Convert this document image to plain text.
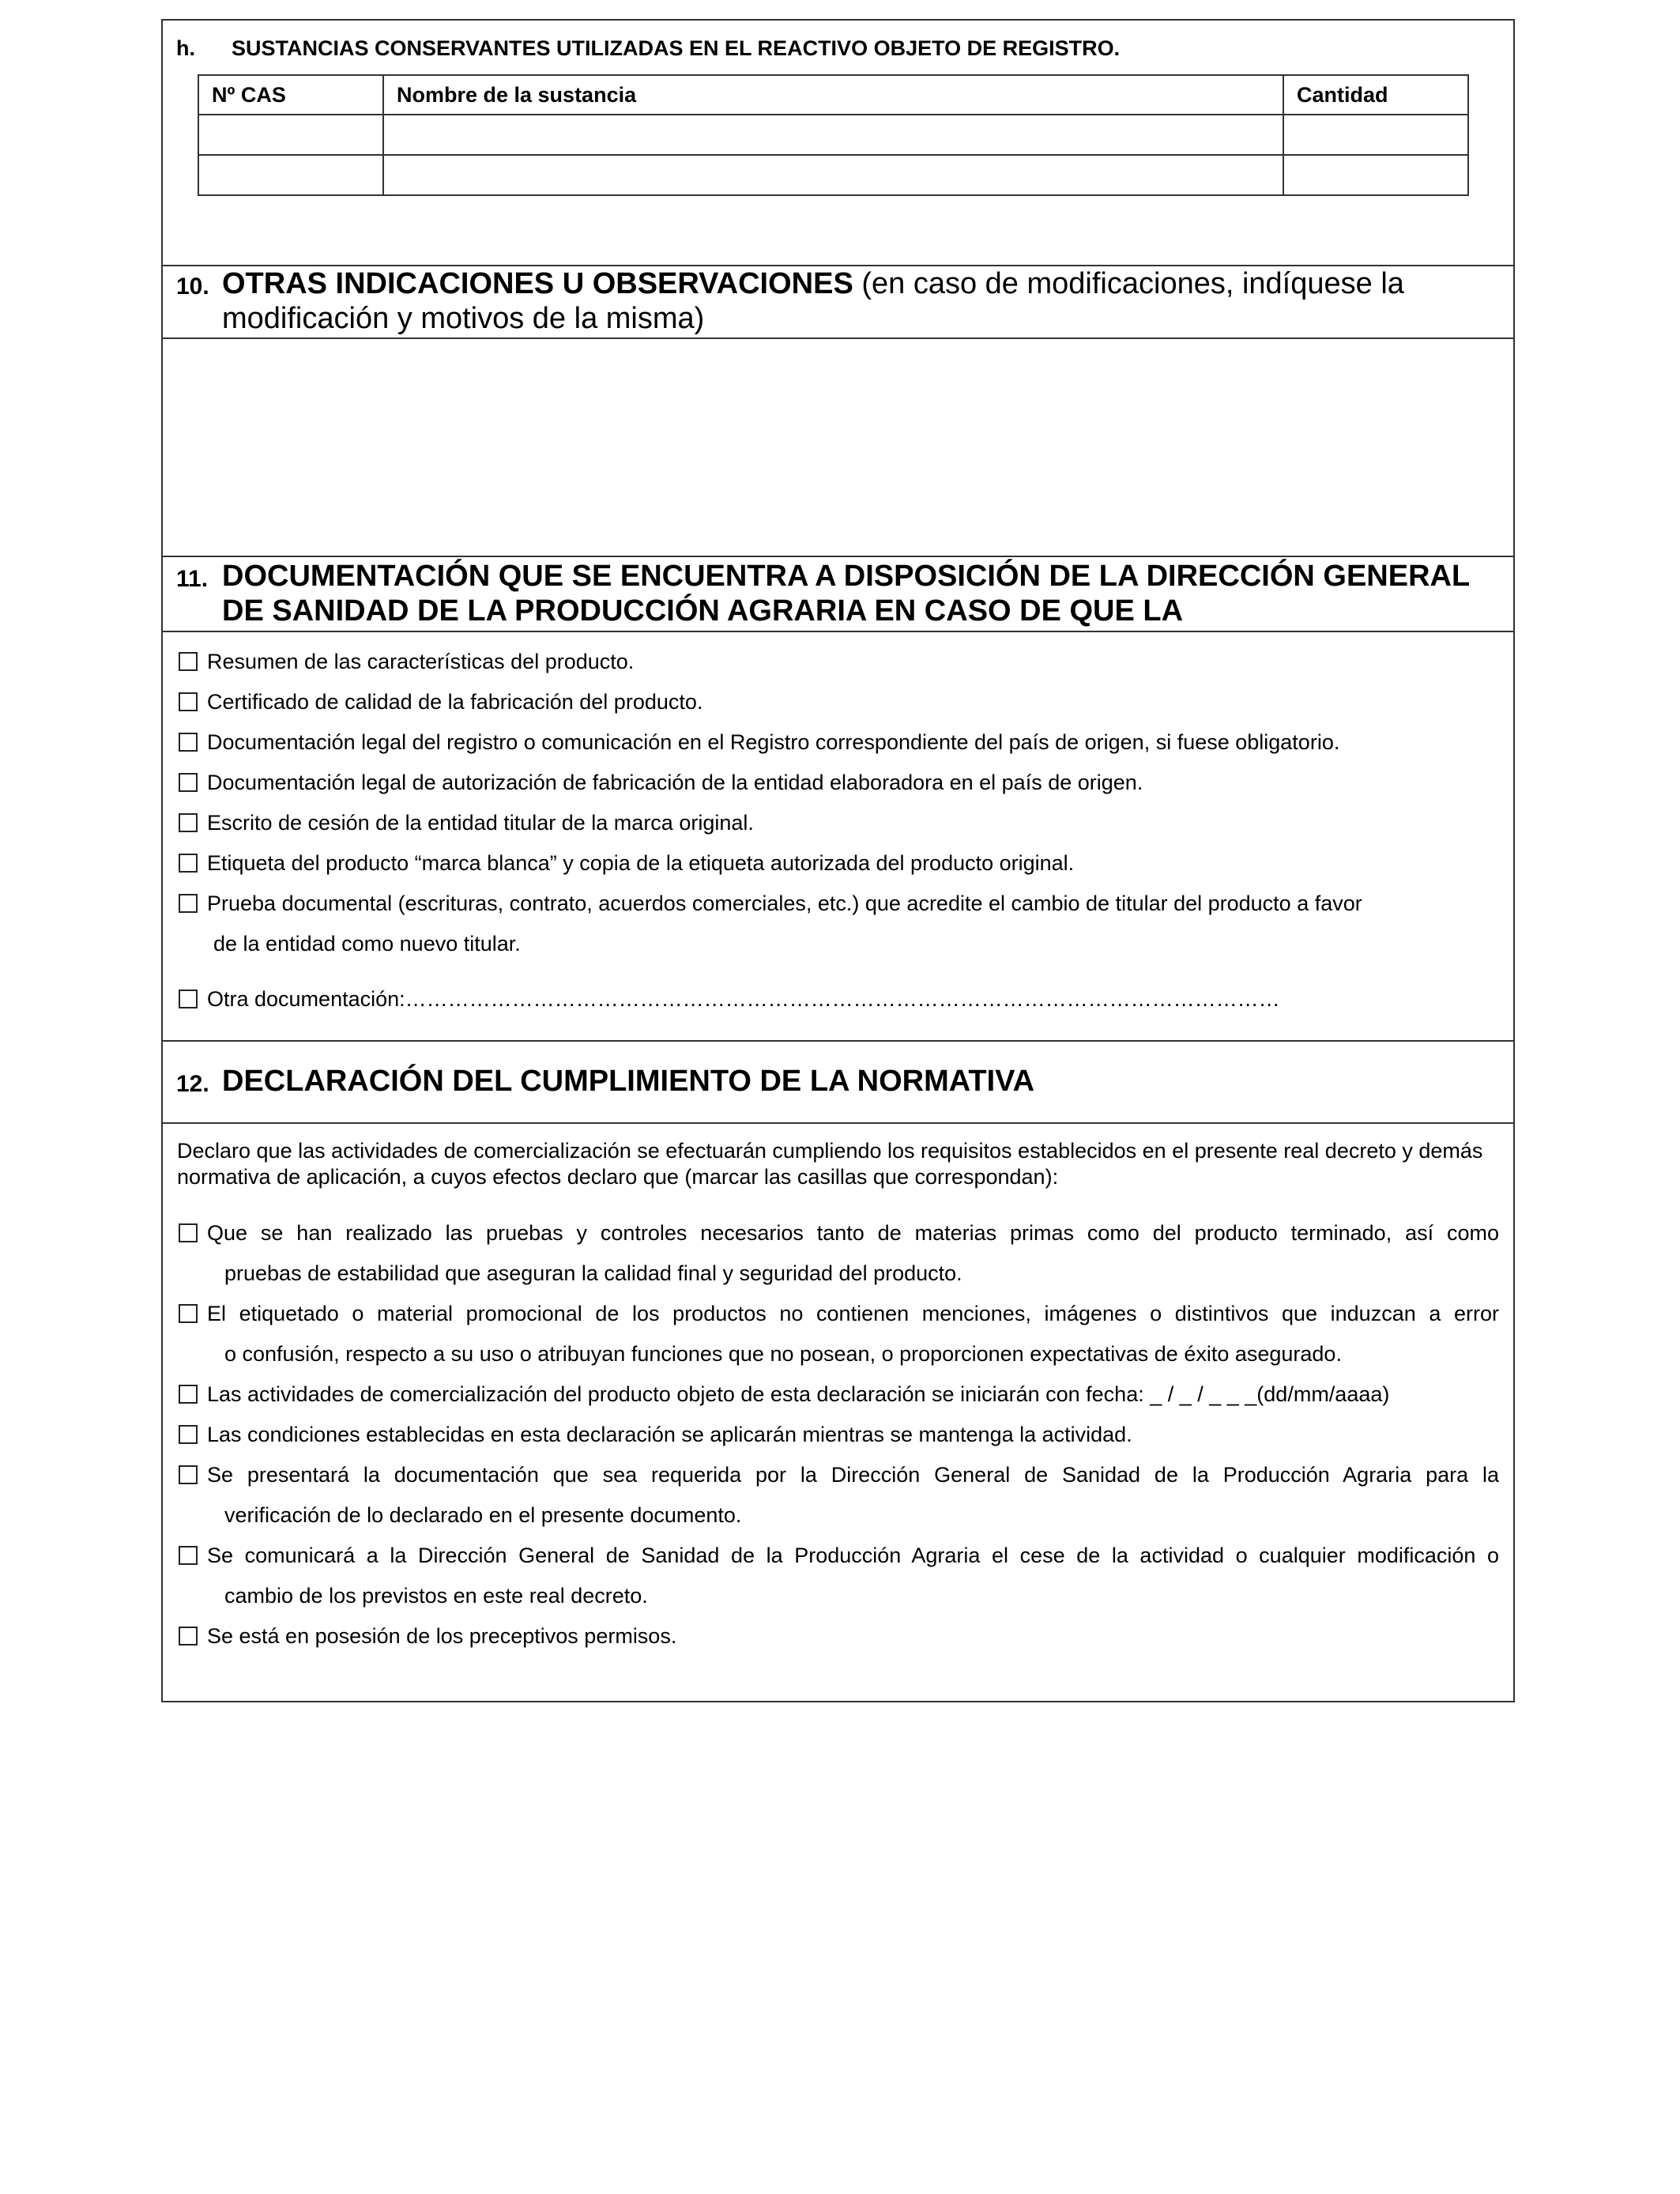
h. SUSTANCIAS CONSERVANTES UTILIZADAS EN EL REACTIVO OBJETO DE REGISTRO.
Nº CAS	Nombre de la sustancia	Cantidad

10. OTRAS INDICACIONES U OBSERVACIONES (en caso de modificaciones, indíquese la modificación y motivos de la misma)
11. DOCUMENTACIÓN QUE SE ENCUENTRA A DISPOSICIÓN DE LA DIRECCIÓN GENERAL DE SANIDAD DE LA PRODUCCIÓN AGRARIA EN CASO DE QUE LA
Resumen de las características del producto.
Certificado de calidad de la fabricación del producto.
Documentación legal del registro o comunicación en el Registro correspondiente del país de origen, si fuese obligatorio.
Documentación legal de autorización de fabricación de la entidad elaboradora en el país de origen.
Escrito de cesión de la entidad titular de la marca original.
Etiqueta del producto “marca blanca” y copia de la etiqueta autorizada del producto original.
Prueba documental (escrituras, contrato, acuerdos comerciales, etc.) que acredite el cambio de titular del producto a favor
de la entidad como nuevo titular.
Otra documentación:……………………………………………………………………………………………………………
12. DECLARACIÓN DEL CUMPLIMIENTO DE LA NORMATIVA
Declaro que las actividades de comercialización se efectuarán cumpliendo los requisitos establecidos en el presente real decreto y demás normativa de aplicación, a cuyos efectos declaro que (marcar las casillas que correspondan):
Que se han realizado las pruebas y controles necesarios tanto de materias primas como del producto terminado, así como
pruebas de estabilidad que aseguran la calidad final y seguridad del producto.
El etiquetado o material promocional de los productos no contienen menciones, imágenes o distintivos que induzcan a error
o confusión, respecto a su uso o atribuyan funciones que no posean, o proporcionen expectativas de éxito asegurado.
Las actividades de comercialización del producto objeto de esta declaración se iniciarán con fecha: _ / _ / _ _ _(dd/mm/aaaa)
Las condiciones establecidas en esta declaración se aplicarán mientras se mantenga la actividad.
Se presentará la documentación que sea requerida por la Dirección General de Sanidad de la Producción Agraria para la
verificación de lo declarado en el presente documento.
Se comunicará a la Dirección General de Sanidad de la Producción Agraria el cese de la actividad o cualquier modificación o
cambio de los previstos en este real decreto.
Se está en posesión de los preceptivos permisos.
